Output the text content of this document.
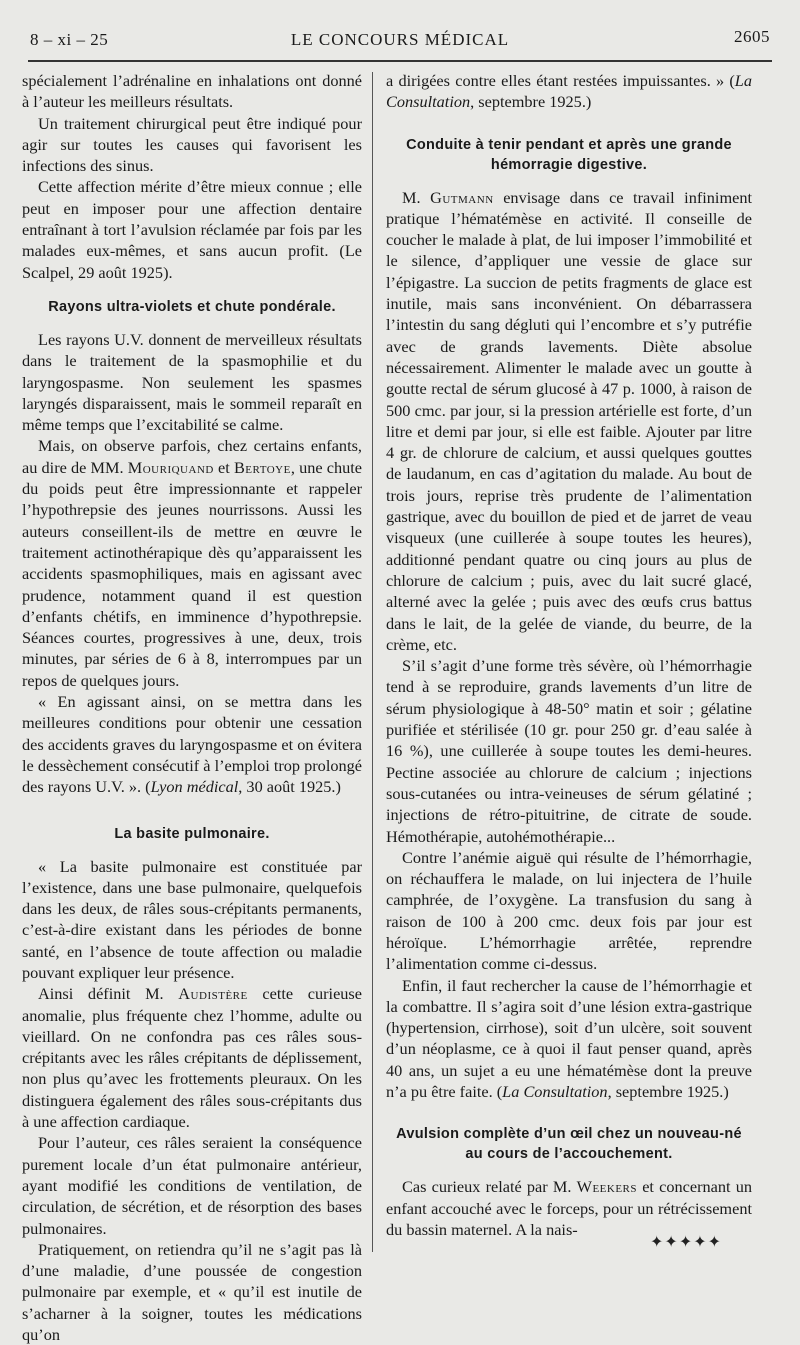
8 – xi – 25	LE CONCOURS MÉDICAL	2605

spécialement l’adrénaline en inhalations ont donné à l’auteur les meilleurs résultats.

Un traitement chirurgical peut être indiqué pour agir sur toutes les causes qui favorisent les infections des sinus.

Cette affection mérite d’être mieux connue ; elle peut en imposer pour une affection dentaire entraînant à tort l’avulsion réclamée par fois par les malades eux-mêmes, et sans aucun profit. (Le Scalpel, 29 août 1925).

Rayons ultra-violets et chute pondérale.

Les rayons U.V. donnent de merveilleux résultats dans le traitement de la spasmophilie et du laryngospasme. Non seulement les spasmes laryngés disparaissent, mais le sommeil reparaît en même temps que l’excitabilité se calme.

Mais, on observe parfois, chez certains enfants, au dire de MM. Mouriquand et Bertoye, une chute du poids peut être impressionnante et rappeler l’hypothrepsie des jeunes nourrissons. Aussi les auteurs conseillent-ils de mettre en œuvre le traitement actinothérapique dès qu’apparaissent les accidents spasmophiliques, mais en agissant avec prudence, notamment quand il est question d’enfants chétifs, en imminence d’hypothrepsie. Séances courtes, progressives à une, deux, trois minutes, par séries de 6 à 8, interrompues par un repos de quelques jours.

« En agissant ainsi, on se mettra dans les meilleures conditions pour obtenir une cessation des accidents graves du laryngospasme et on évitera le dessèchement consécutif à l’emploi trop prolongé des rayons U.V. ». (Lyon médical, 30 août 1925.)

La basite pulmonaire.

« La basite pulmonaire est constituée par l’existence, dans une base pulmonaire, quelquefois dans les deux, de râles sous-crépitants permanents, c’est-à-dire existant dans les périodes de bonne santé, en l’absence de toute affection ou maladie pouvant expliquer leur présence.

Ainsi définit M. Audistère cette curieuse anomalie, plus fréquente chez l’homme, adulte ou vieillard. On ne confondra pas ces râles sous-crépitants avec les râles crépitants de déplissement, non plus qu’avec les frottements pleuraux. On les distinguera également des râles sous-crépitants dus à une affection cardiaque.

Pour l’auteur, ces râles seraient la conséquence purement locale d’un état pulmonaire antérieur, ayant modifié les conditions de ventilation, de circulation, de sécrétion, et de résorption des bases pulmonaires.

Pratiquement, on retiendra qu’il ne s’agit pas là d’une maladie, d’une poussée de congestion pulmonaire par exemple, et « qu’il est inutile de s’acharner à la soigner, toutes les médications qu’on

a dirigées contre elles étant restées impuissantes. » (La Consultation, septembre 1925.)

Conduite à tenir pendant et après une grande hémorragie digestive.

M. Gutmann envisage dans ce travail infiniment pratique l’hématémèse en activité. Il conseille de coucher le malade à plat, de lui imposer l’immobilité et le silence, d’appliquer une vessie de glace sur l’épigastre. La succion de petits fragments de glace est inutile, mais sans inconvénient. On débarrassera l’intestin du sang dégluti qui l’encombre et s’y putréfie avec de grands lavements. Diète absolue nécessairement. Alimenter le malade avec un goutte à goutte rectal de sérum glucosé à 47 p. 1000, à raison de 500 cmc. par jour, si la pression artérielle est forte, d’un litre et demi par jour, si elle est faible. Ajouter par litre 4 gr. de chlorure de calcium, et aussi quelques gouttes de laudanum, en cas d’agitation du malade. Au bout de trois jours, reprise très prudente de l’alimentation gastrique, avec du bouillon de pied et de jarret de veau visqueux (une cuillerée à soupe toutes les heures), additionné pendant quatre ou cinq jours au plus de chlorure de calcium ; puis, avec du lait sucré glacé, alterné avec la gelée ; puis avec des œufs crus battus dans le lait, de la gelée de viande, du beurre, de la crème, etc.

S’il s’agit d’une forme très sévère, où l’hémorrhagie tend à se reproduire, grands lavements d’un litre de sérum physiologique à 48-50° matin et soir ; gélatine purifiée et stérilisée (10 gr. pour 250 gr. d’eau salée à 16 %), une cuillerée à soupe toutes les demi-heures. Pectine associée au chlorure de calcium ; injections sous-cutanées ou intra-veineuses de sérum gélatiné ; injections de rétro-pituitrine, de citrate de soude. Hémothérapie, autohémothérapie...

Contre l’anémie aiguë qui résulte de l’hémorrhagie, on réchauffera le malade, on lui injectera de l’huile camphrée, de l’oxygène. La transfusion du sang à raison de 100 à 200 cmc. deux fois par jour est héroïque. L’hémorrhagie arrêtée, reprendre l’alimentation comme ci-dessus.

Enfin, il faut rechercher la cause de l’hémorrhagie et la combattre. Il s’agira soit d’une lésion extra-gastrique (hypertension, cirrhose), soit d’un ulcère, soit souvent d’un néoplasme, ce à quoi il faut penser quand, après 40 ans, un sujet a eu une hématémèse dont la preuve n’a pu être faite. (La Consultation, septembre 1925.)

Avulsion complète d’un œil chez un nouveau-né au cours de l’accouchement.

Cas curieux relaté par M. Weekers et concernant un enfant accouché avec le forceps, pour un rétrécissement du bassin maternel. A la nais-

✦✦✦✦✦
